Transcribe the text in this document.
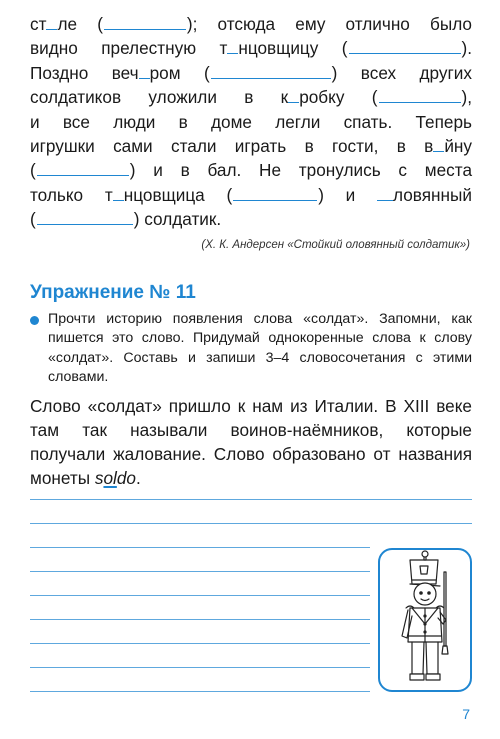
ст ле (	); отсюда ему отлично было
видно прелестную т нцовщицу (	).
Поздно веч ром (	) всех других
солдатиков уложили в к робку (	),
и все люди в доме легли спать. Теперь
игрушки сами стали играть в гости, в в йну
(	) и в бал. Не тронулись с места
только т нцовщица (	) и ловянный
(	) солдатик.
(Х. К. Андерсен «Стойкий оловянный солдатик»)
Упражнение № 11
Прочти историю появления слова «солдат». Запомни, как пишется это слово. Придумай однокоренные слова к слову «солдат». Составь и запиши 3–4 словосочетания с этими словами.
Слово «солдат» пришло к нам из Италии. В XIII веке там так называли воинов-наёмников, которые получали жалование. Слово образовано от названия монеты soldo.
7
